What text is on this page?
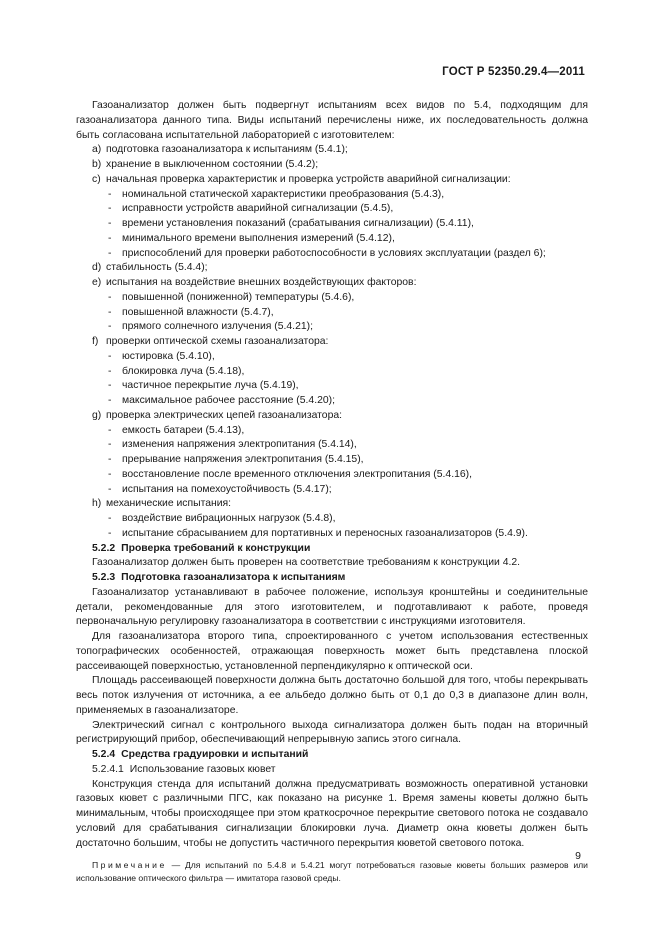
ГОСТ Р 52350.29.4—2011
Газоанализатор должен быть подвергнут испытаниям всех видов по 5.4, подходящим для газоанализатора данного типа. Виды испытаний перечислены ниже, их последовательность должна быть согласована испытательной лабораторией с изготовителем:
a) подготовка газоанализатора к испытаниям (5.4.1);
b) хранение в выключенном состоянии (5.4.2);
c) начальная проверка характеристик и проверка устройств аварийной сигнализации:
-	номинальной статической характеристики преобразования (5.4.3),
-	исправности устройств аварийной сигнализации (5.4.5),
-	времени установления показаний (срабатывания сигнализации) (5.4.11),
-	минимального времени выполнения измерений (5.4.12),
-	приспособлений для проверки работоспособности в условиях эксплуатации (раздел 6);
d) стабильность (5.4.4);
e) испытания на воздействие внешних воздействующих факторов:
-	повышенной (пониженной) температуры (5.4.6),
-	повышенной влажности (5.4.7),
-	прямого солнечного излучения (5.4.21);
f) проверки оптической схемы газоанализатора:
-	юстировка (5.4.10),
-	блокировка луча (5.4.18),
-	частичное перекрытие луча (5.4.19),
-	максимальное рабочее расстояние (5.4.20);
g) проверка электрических цепей газоанализатора:
-	емкость батареи (5.4.13),
-	изменения напряжения электропитания (5.4.14),
-	прерывание напряжения электропитания (5.4.15),
-	восстановление после временного отключения электропитания (5.4.16),
-	испытания на помехоустойчивость (5.4.17);
h) механические испытания:
-	воздействие вибрационных нагрузок (5.4.8),
-	испытание сбрасыванием для портативных и переносных газоанализаторов (5.4.9).
5.2.2 Проверка требований к конструкции
Газоанализатор должен быть проверен на соответствие требованиям к конструкции 4.2.
5.2.3 Подготовка газоанализатора к испытаниям
Газоанализатор устанавливают в рабочее положение, используя кронштейны и соединительные детали, рекомендованные для этого изготовителем, и подготавливают к работе, проведя первоначальную регулировку газоанализатора в соответствии с инструкциями изготовителя.
Для газоанализатора второго типа, спроектированного с учетом использования естественных топографических особенностей, отражающая поверхность может быть представлена плоской рассеивающей поверхностью, установленной перпендикулярно к оптической оси.
Площадь рассеивающей поверхности должна быть достаточно большой для того, чтобы перекрывать весь поток излучения от источника, а ее альбедо должно быть от 0,1 до 0,3 в диапазоне длин волн, применяемых в газоанализаторе.
Электрический сигнал с контрольного выхода сигнализатора должен быть подан на вторичный регистрирующий прибор, обеспечивающий непрерывную запись этого сигнала.
5.2.4 Средства градуировки и испытаний
5.2.4.1 Использование газовых кювет
Конструкция стенда для испытаний должна предусматривать возможность оперативной установки газовых кювет с различными ПГС, как показано на рисунке 1. Время замены кюветы должно быть минимальным, чтобы происходящее при этом краткосрочное перекрытие светового потока не создавало условий для срабатывания сигнализации блокировки луча. Диаметр окна кюветы должен быть достаточно большим, чтобы не допустить частичного перекрытия кюветой светового потока.
Примечание — Для испытаний по 5.4.8 и 5.4.21 могут потребоваться газовые кюветы больших размеров или использование оптического фильтра — имитатора газовой среды.
9
